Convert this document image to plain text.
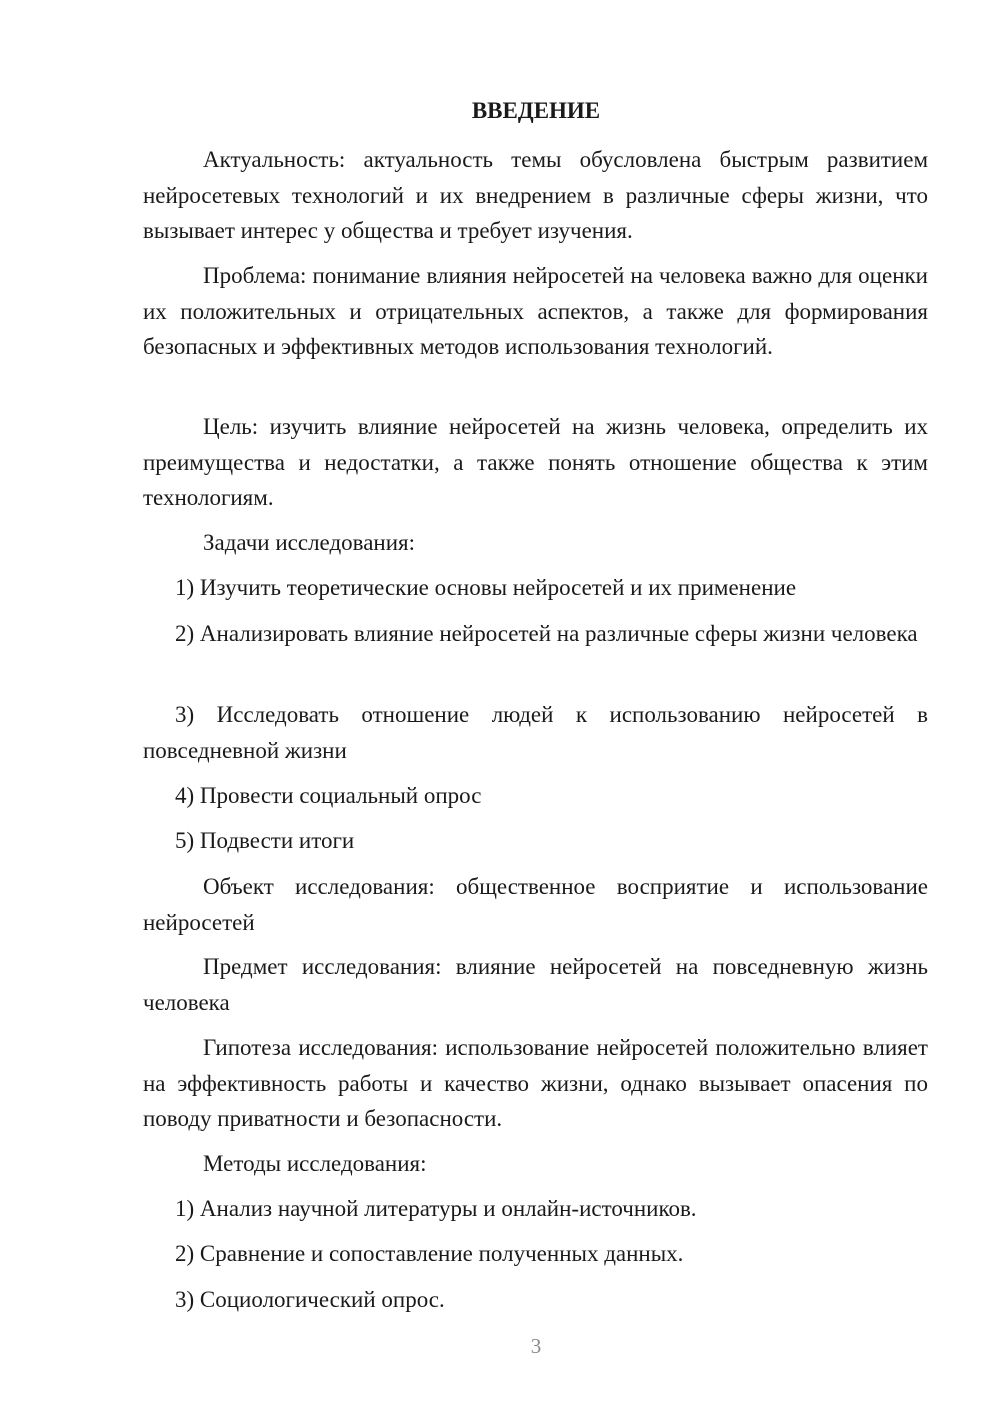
ВВЕДЕНИЕ
Актуальность: актуальность темы обусловлена быстрым развитием нейросетевых технологий и их внедрением в различные сферы жизни, что вызывает интерес у общества и требует изучения.
Проблема: понимание влияния нейросетей на человека важно для оценки их положительных и отрицательных аспектов, а также для формирования безопасных и эффективных методов использования технологий.
Цель: изучить влияние нейросетей на жизнь человека, определить их преимущества и недостатки, а также понять отношение общества к этим технологиям.
Задачи исследования:
1) Изучить теоретические основы нейросетей и их применение
2) Анализировать влияние нейросетей на различные сферы жизни человека
3) Исследовать отношение людей к использованию нейросетей в повседневной жизни
4) Провести социальный опрос
5) Подвести итоги
Объект исследования: общественное восприятие и использование нейросетей
Предмет исследования: влияние нейросетей на повседневную жизнь человека
Гипотеза исследования: использование нейросетей положительно влияет на эффективность работы и качество жизни, однако вызывает опасения по поводу приватности и безопасности.
Методы исследования:
1) Анализ научной литературы и онлайн-источников.
2) Сравнение и сопоставление полученных данных.
3) Социологический опрос.
3
